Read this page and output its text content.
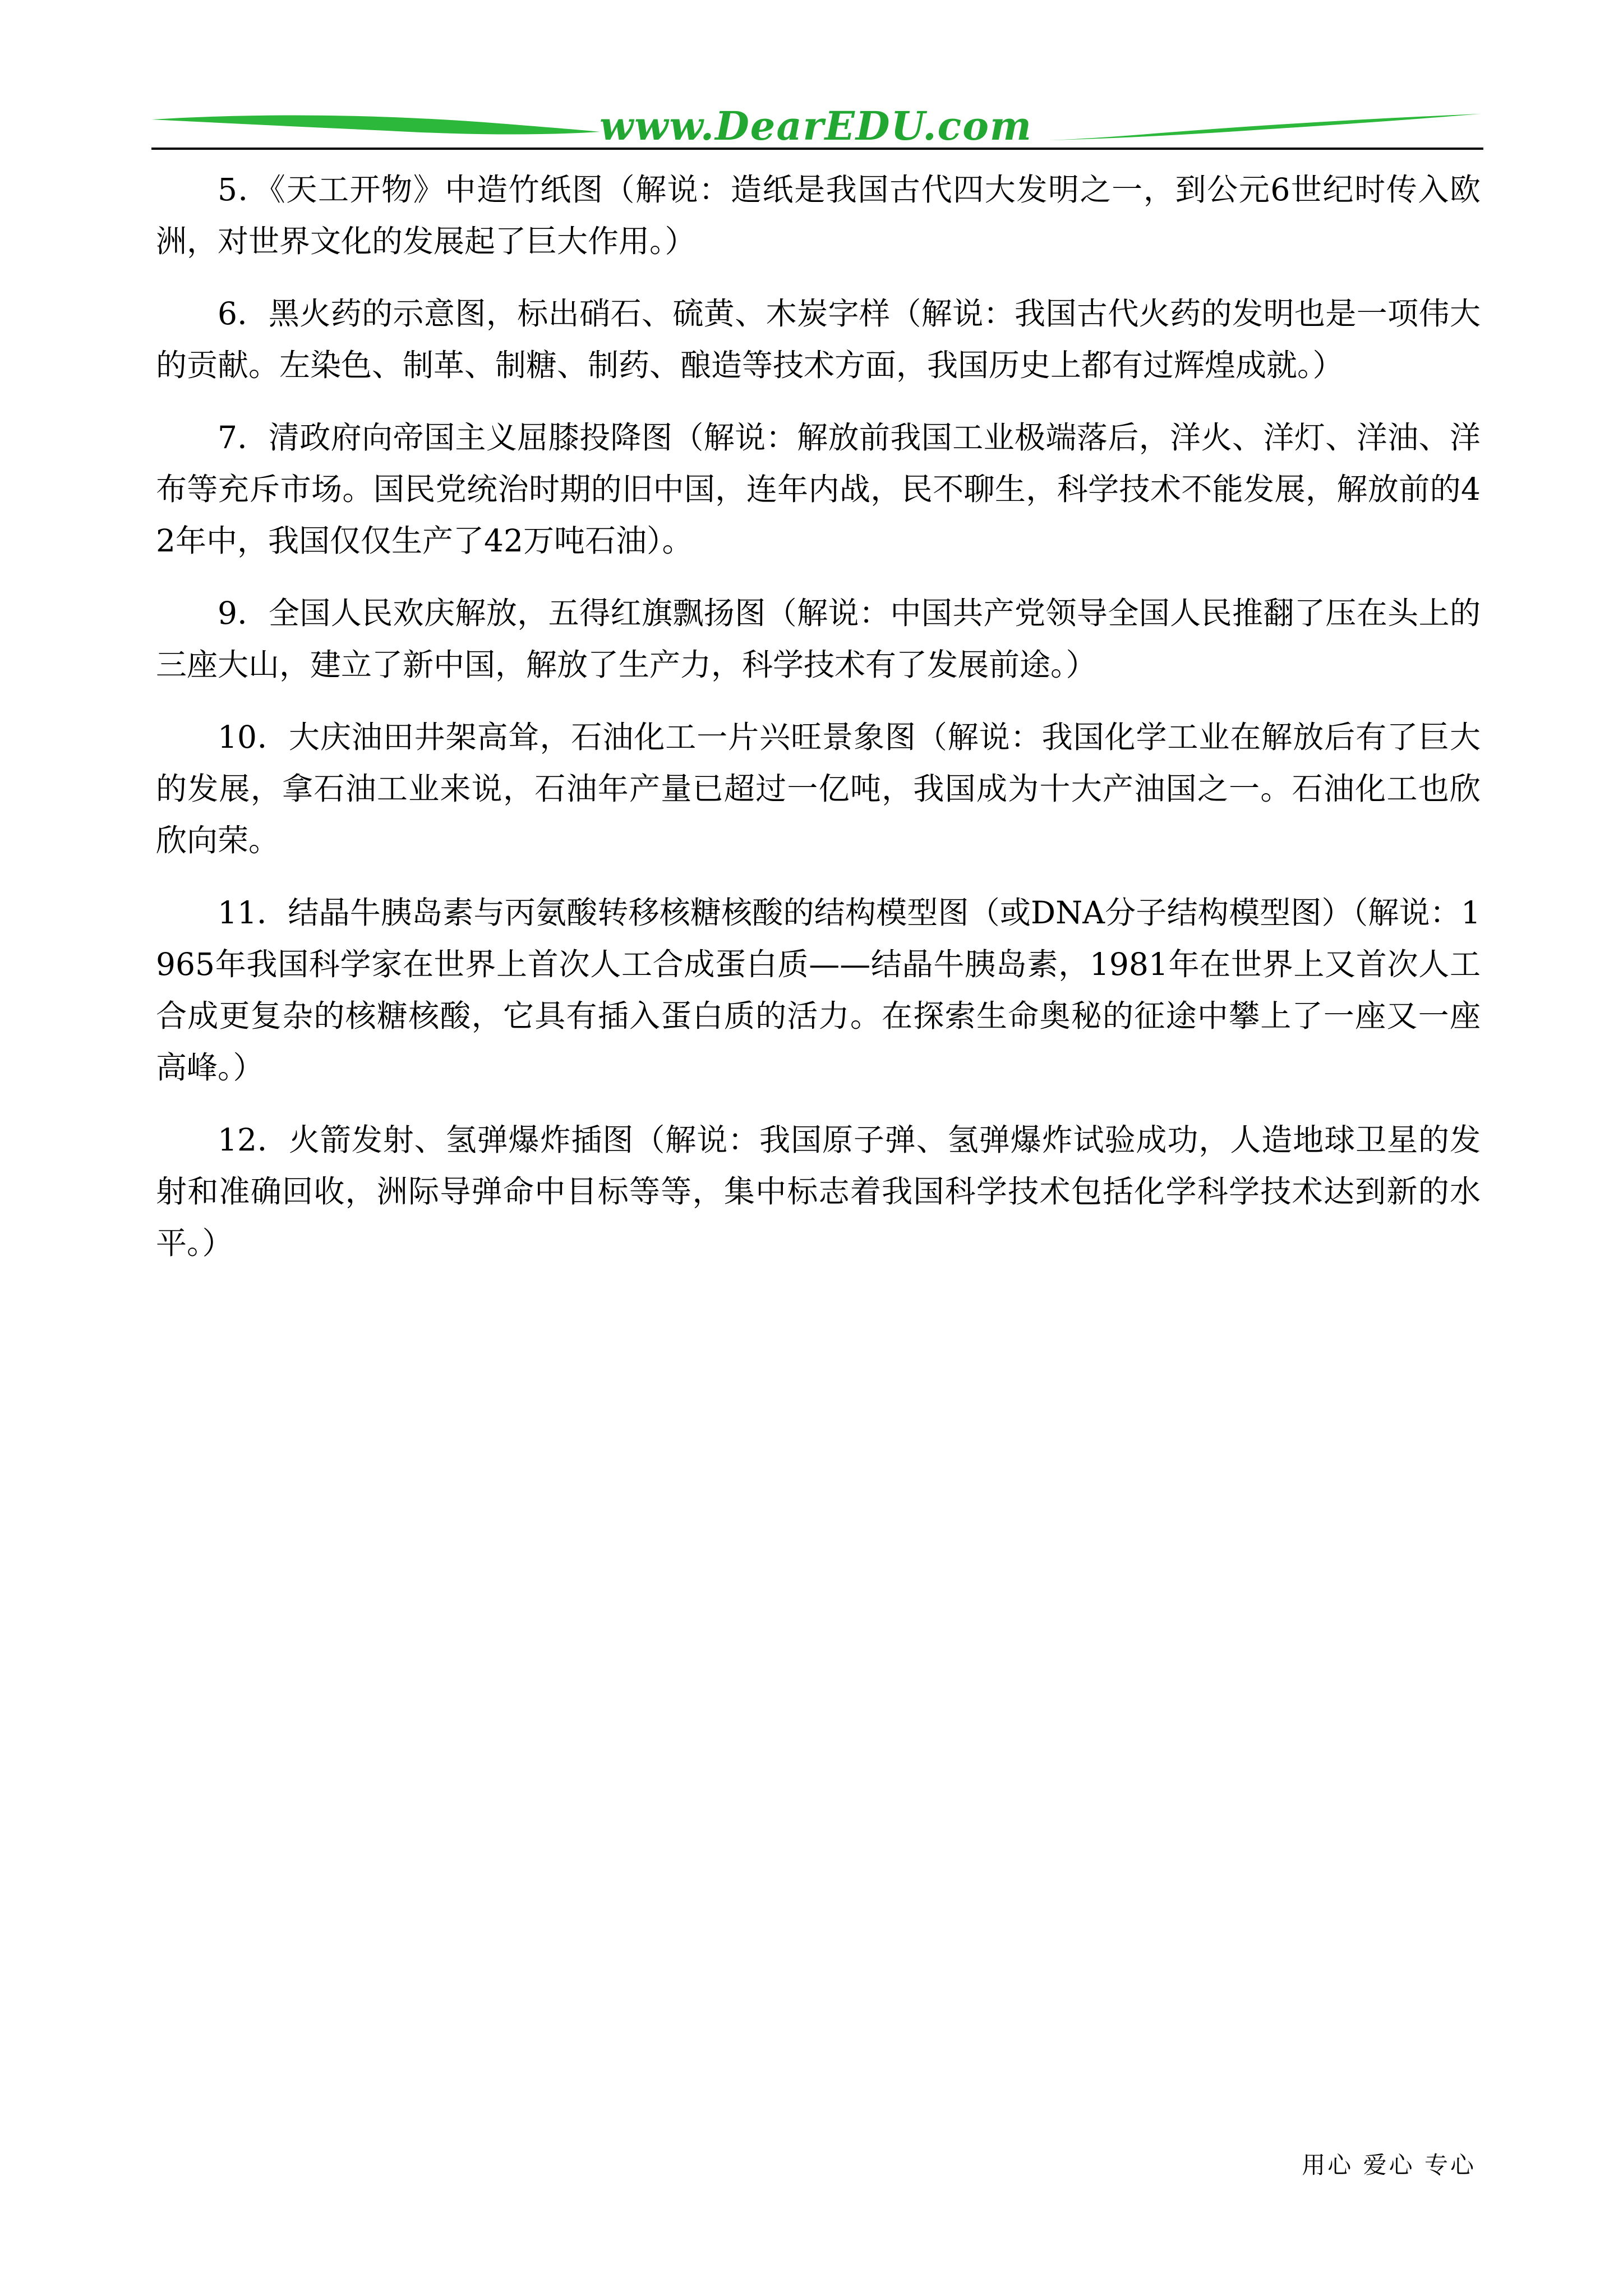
www.DearEDU.com

5．《天工开物》中造竹纸图（解说：造纸是我国古代四大发明之一，到公元6世纪时传入欧洲，对世界文化的发展起了巨大作用。）

6．黑火药的示意图，标出硝石、硫黄、木炭字样（解说：我国古代火药的发明也是一项伟大的贡献。左染色、制革、制糖、制药、酿造等技术方面，我国历史上都有过辉煌成就。）

7．清政府向帝国主义屈膝投降图（解说：解放前我国工业极端落后，洋火、洋灯、洋油、洋布等充斥市场。国民党统治时期的旧中国，连年内战，民不聊生，科学技术不能发展，解放前的42年中，我国仅仅生产了42万吨石油）。

9．全国人民欢庆解放，五得红旗飘扬图（解说：中国共产党领导全国人民推翻了压在头上的三座大山，建立了新中国，解放了生产力，科学技术有了发展前途。）

10．大庆油田井架高耸，石油化工一片兴旺景象图（解说：我国化学工业在解放后有了巨大的发展，拿石油工业来说，石油年产量已超过一亿吨，我国成为十大产油国之一。石油化工也欣欣向荣。

11．结晶牛胰岛素与丙氨酸转移核糖核酸的结构模型图（或DNA分子结构模型图）（解说：1965年我国科学家在世界上首次人工合成蛋白质——结晶牛胰岛素，1981年在世界上又首次人工合成更复杂的核糖核酸，它具有插入蛋白质的活力。在探索生命奥秘的征途中攀上了一座又一座高峰。）

12．火箭发射、氢弹爆炸插图（解说：我国原子弹、氢弹爆炸试验成功，人造地球卫星的发射和准确回收，洲际导弹命中目标等等，集中标志着我国科学技术包括化学科学技术达到新的水平。）

用心 爱心 专心
